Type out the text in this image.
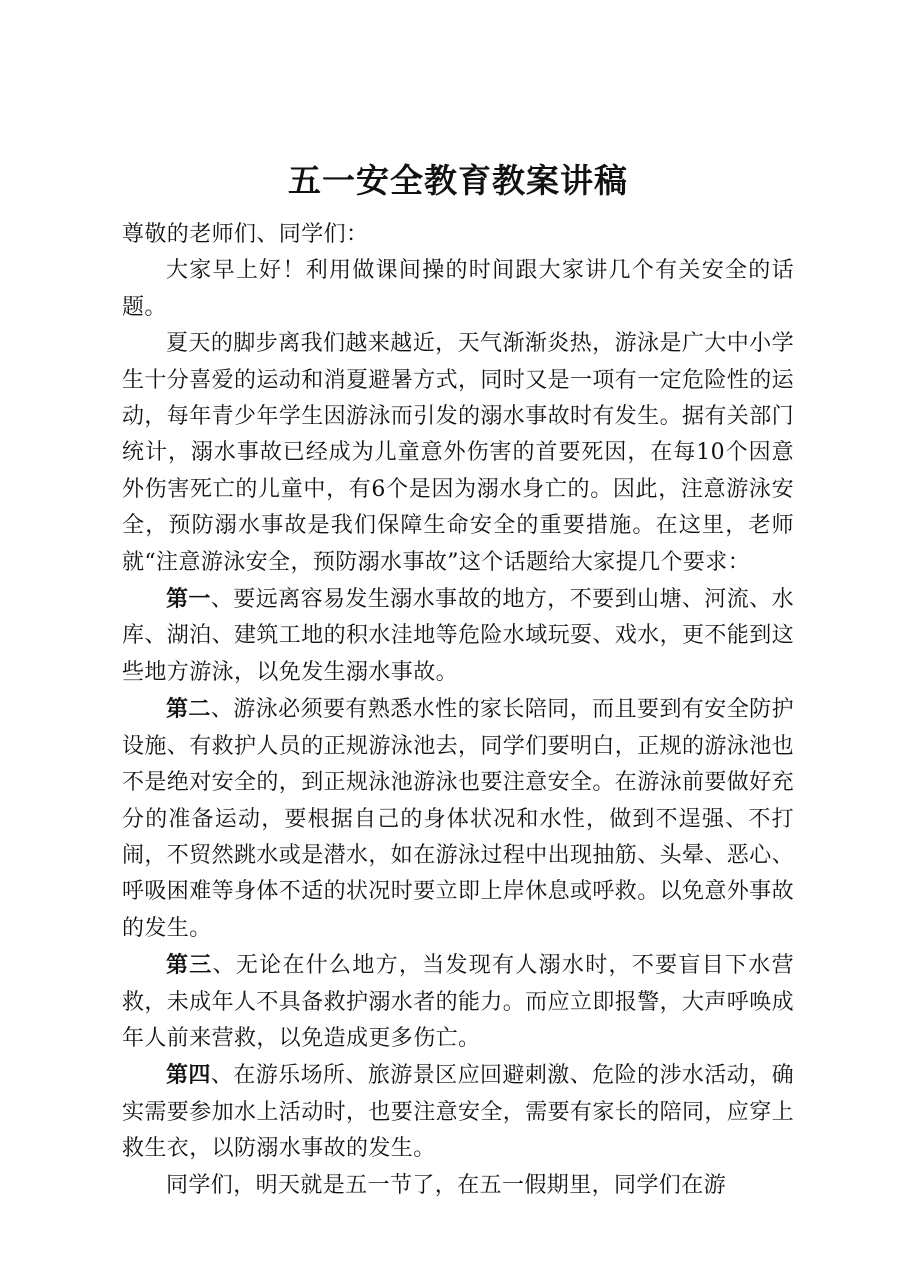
五一安全教育教案讲稿

尊敬的老师们、同学们：

大家早上好！利用做课间操的时间跟大家讲几个有关安全的话题。

夏天的脚步离我们越来越近，天气渐渐炎热，游泳是广大中小学生十分喜爱的运动和消夏避暑方式，同时又是一项有一定危险性的运动，每年青少年学生因游泳而引发的溺水事故时有发生。据有关部门统计，溺水事故已经成为儿童意外伤害的首要死因，在每10个因意外伤害死亡的儿童中，有6个是因为溺水身亡的。因此，注意游泳安全，预防溺水事故是我们保障生命安全的重要措施。在这里，老师就“注意游泳安全，预防溺水事故”这个话题给大家提几个要求：

第一、要远离容易发生溺水事故的地方，不要到山塘、河流、水库、湖泊、建筑工地的积水洼地等危险水域玩耍、戏水，更不能到这些地方游泳，以免发生溺水事故。

第二、游泳必须要有熟悉水性的家长陪同，而且要到有安全防护设施、有救护人员的正规游泳池去，同学们要明白，正规的游泳池也不是绝对安全的，到正规泳池游泳也要注意安全。在游泳前要做好充分的准备运动，要根据自己的身体状况和水性，做到不逞强、不打闹，不贸然跳水或是潜水，如在游泳过程中出现抽筋、头晕、恶心、呼吸困难等身体不适的状况时要立即上岸休息或呼救。以免意外事故的发生。

第三、无论在什么地方，当发现有人溺水时，不要盲目下水营救，未成年人不具备救护溺水者的能力。而应立即报警，大声呼唤成年人前来营救，以免造成更多伤亡。

第四、在游乐场所、旅游景区应回避刺激、危险的涉水活动，确实需要参加水上活动时，也要注意安全，需要有家长的陪同，应穿上救生衣，以防溺水事故的发生。

同学们，明天就是五一节了，在五一假期里，同学们在游
